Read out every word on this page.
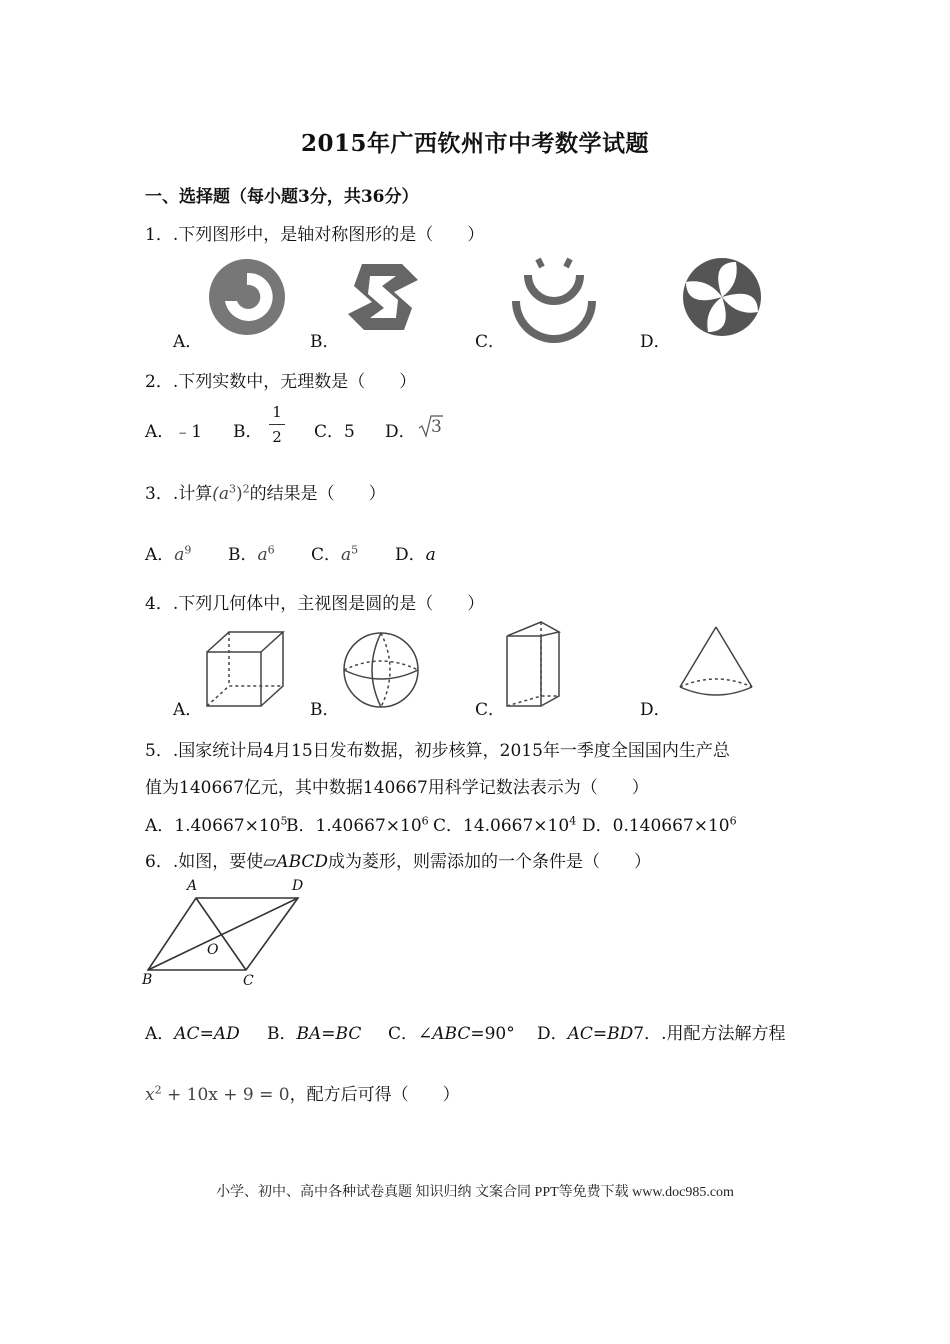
2015年广西钦州市中考数学试题
一、选择题（每小题3分，共36分）
1．.下列图形中，是轴对称图形的是（　　）
A．	B．	C．	D．
2．.下列实数中，无理数是（　　）
A．﹣1 B．
1
2 C．5 D． 3
3．.计算$(a^3)^2$的结果是（　　）
A．$a^9$ B．$a^6$ C．$a^5$ D．a
4．.下列几何体中，主视图是圆的是（　　）
A．	B．	C．	D．
5．.国家统计局4月15日发布数据，初步核算，2015年一季度全国国内生产总
值为140667亿元，其中数据140667用科学记数法表示为（　　）
A．$1.40667\times 10^5$
B．$1.40667\times 10^6$ C．$14.0667\times 10^4$ D．$0.140667\times 10^6$
6．.如图，要使▱ABCD成为菱形，则需添加的一个条件是（　　）
A	D
O
B	C
A．AC=AD B．BA=BC C．∠ABC=90° D．AC=BD7．.用配方法解方程
$x^2 + 10x + 9 = 0$，配方后可得（　　）
小学、初中、高中各种试卷真题 知识归纳 文案合同 PPT等免费下载 www.doc985.com
